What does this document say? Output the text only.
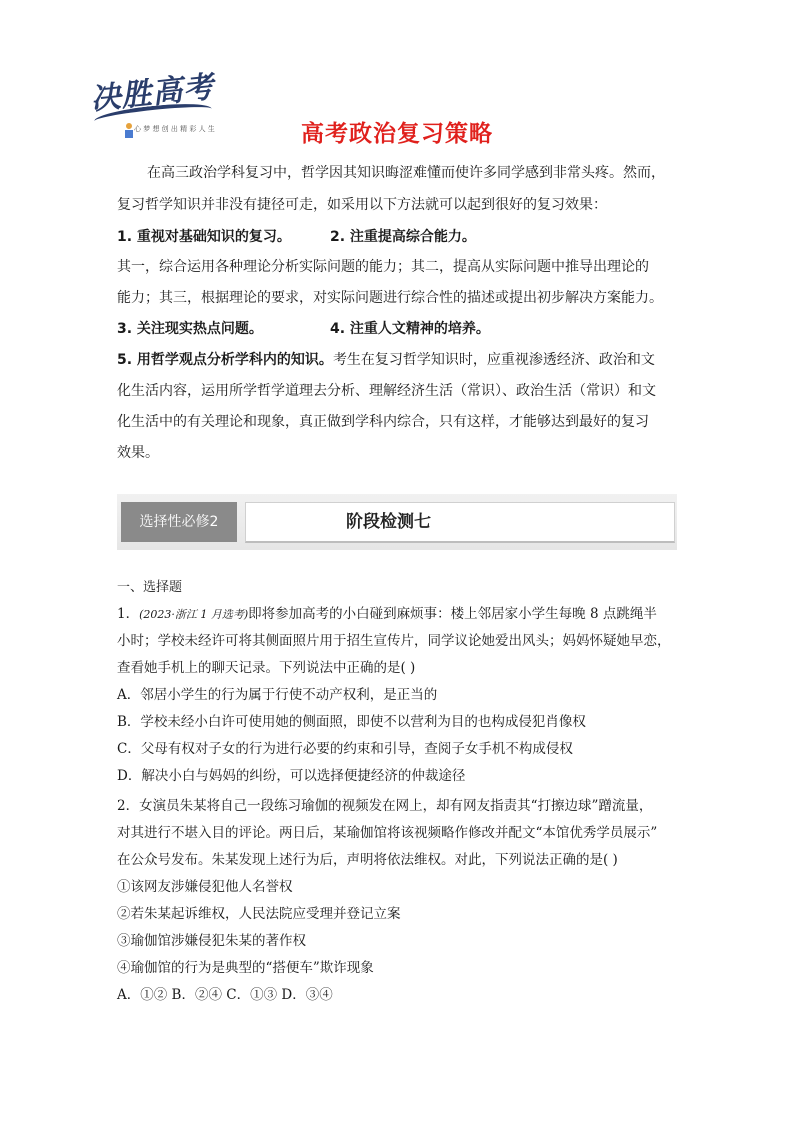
决胜高考
心 梦 想 创 出 精 彩 人 生	高考政治复习策略
在高三政治学科复习中，哲学因其知识晦涩难懂而使许多同学感到非常头疼。然而，
复习哲学知识并非没有捷径可走，如采用以下方法就可以起到很好的复习效果：
1. 重视对基础知识的复习。	2. 注重提高综合能力。
其一，综合运用各种理论分析实际问题的能力；其二，提高从实际问题中推导出理论的
能力；其三，根据理论的要求，对实际问题进行综合性的描述或提出初步解决方案能力。
3. 关注现实热点问题。	4. 注重人文精神的培养。
5. 用哲学观点分析学科内的知识。考生在复习哲学知识时，应重视渗透经济、政治和文
化生活内容，运用所学哲学道理去分析、理解经济生活（常识）、政治生活（常识）和文
化生活中的有关理论和现象，真正做到学科内综合，只有这样，才能够达到最好的复习
效果。
选择性必修2	阶段检测七
一、选择题

1．(2023·浙江 1 月选考)即将参加高考的小白碰到麻烦事：楼上邻居家小学生每晚 8 点跳绳半

小时；学校未经许可将其侧面照片用于招生宣传片，同学议论她爱出风头；妈妈怀疑她早恋，

查看她手机上的聊天记录。下列说法中正确的是( )

A．邻居小学生的行为属于行使不动产权利，是正当的

B．学校未经小白许可使用她的侧面照，即使不以营利为目的也构成侵犯肖像权

C．父母有权对子女的行为进行必要的约束和引导，查阅子女手机不构成侵权

D．解决小白与妈妈的纠纷，可以选择便捷经济的仲裁途径

2．女演员朱某将自己一段练习瑜伽的视频发在网上，却有网友指责其“打擦边球”蹭流量，

对其进行不堪入目的评论。两日后，某瑜伽馆将该视频略作修改并配文“本馆优秀学员展示”

在公众号发布。朱某发现上述行为后，声明将依法维权。对此，下列说法正确的是( )

①该网友涉嫌侵犯他人名誉权

②若朱某起诉维权，人民法院应受理并登记立案

③瑜伽馆涉嫌侵犯朱某的著作权

④瑜伽馆的行为是典型的“搭便车”欺诈现象

A．①② B．②④ C．①③ D．③④
